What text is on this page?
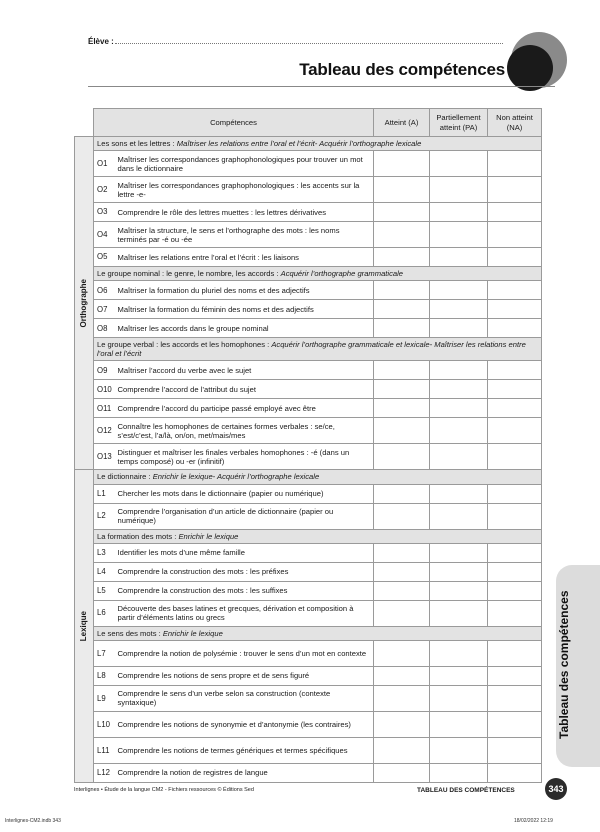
Élève :
Tableau des compétences
	Compétences		Atteint (A)	Partiellement atteint (PA)	Non atteint (NA)

Orthographe	Les sons et les lettres : Maîtriser les relations entre l’oral et l’écrit- Acquérir l’orthographe lexicale				
	O1	Maîtriser les correspondances graphophonologiques pour trouver un mot dans le dictionnaire			
	O2	Maîtriser les correspondances graphophonologiques : les accents sur la lettre -e-			
	O3	Comprendre le rôle des lettres muettes : les lettres dérivatives			
	O4	Maîtriser la structure, le sens et l’orthographe des mots : les noms terminés par -é ou -ée			
	O5	Maîtriser les relations entre l’oral et l’écrit : les liaisons			
	Le groupe nominal : le genre, le nombre, les accords : Acquérir l’orthographe grammaticale				
	O6	Maîtriser la formation du pluriel des noms et des adjectifs			
	O7	Maîtriser la formation du féminin des noms et des adjectifs			
	O8	Maîtriser les accords dans le groupe nominal			
	Le groupe verbal : les accords et les homophones : Acquérir l’orthographe grammaticale et lexicale- Maîtriser les relations entre l’oral et l’écrit				
	O9	Maîtriser l’accord du verbe avec le sujet			
	O10	Comprendre l’accord de l’attribut du sujet			
	O11	Comprendre l’accord du participe passé employé avec être			
	O12	Connaître les homophones de certaines formes verbales : se/ce, s’est/c’est, l’a/là, on/on, met/mais/mes			
	O13	Distinguer et maîtriser les finales verbales homophones : -é (dans un temps composé) ou -er (infinitif)			

Lexique	Le dictionnaire : Enrichir le lexique- Acquérir l’orthographe lexicale				
	L1	Chercher les mots dans le dictionnaire (papier ou numérique)			
	L2	Comprendre l’organisation d’un article de dictionnaire (papier ou numérique)			
	La formation des mots : Enrichir le lexique				
	L3	Identifier les mots d’une même famille			
	L4	Comprendre la construction des mots : les préfixes			
	L5	Comprendre la construction des mots : les suffixes			
	L6	Découverte des bases latines et grecques, dérivation et composition à partir d’éléments latins ou grecs			
	Le sens des mots : Enrichir le lexique				
	L7	Comprendre la notion de polysémie : trouver le sens d’un mot en contexte			
	L8	Comprendre les notions de sens propre et de sens figuré			
	L9	Comprendre le sens d’un verbe selon sa construction (contexte syntaxique)			
	L10	Comprendre les notions de synonymie et d’antonymie (les contraires)			
	L11	Comprendre les notions de termes génériques et termes spécifiques			
	L12	Comprendre la notion de registres de langue			
Tableau des compétences
Interlignes • Étude de la langue CM2 - Fichiers ressources © Éditions Sed	TABLEAU DES COMPÉTENCES	343
Interlignes-CM2.indb 343	18/02/2022 12:19
